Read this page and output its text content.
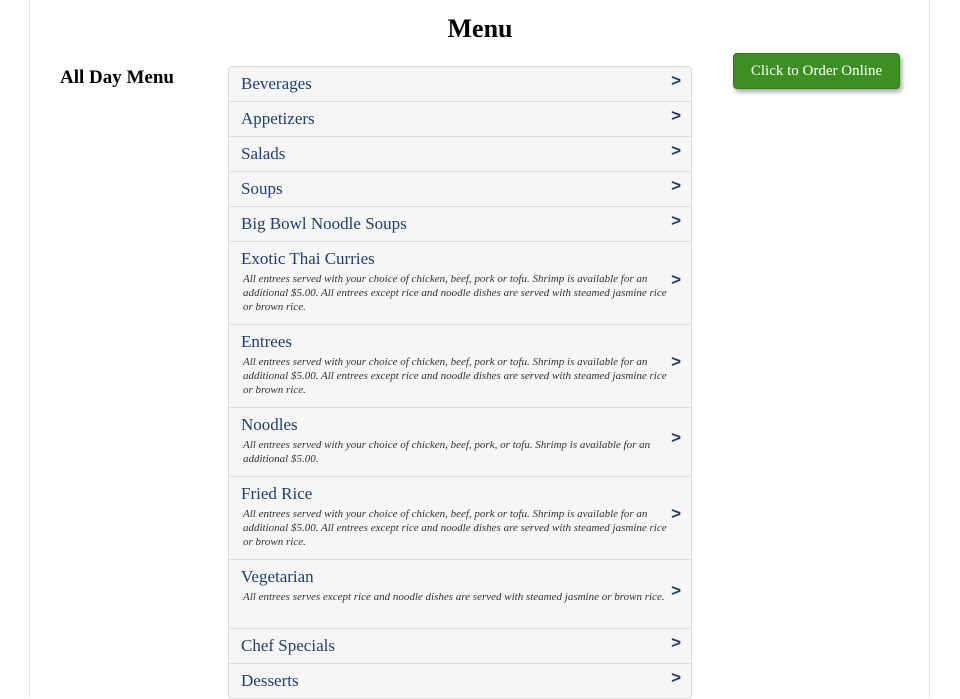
Menu
All Day Menu	Click to Order Online
Beverages	>
Appetizers	>
Salads	>
Soups	>
Big Bowl Noodle Soups	>
Exotic Thai Curries
All entrees served with your choice of chicken, beef, pork or tofu. Shrimp is available for an additional $5.00. All entrees except rice and noodle dishes are served with steamed jasmine rice or brown rice.
>
Entrees
All entrees served with your choice of chicken, beef, pork or tofu. Shrimp is available for an additional $5.00. All entrees except rice and noodle dishes are served with steamed jasmine rice or brown rice.
>
Noodles
All entrees served with your choice of chicken, beef, pork, or tofu. Shrimp is available for an additional $5.00.
>
Fried Rice
All entrees served with your choice of chicken, beef, pork or tofu. Shrimp is available for an additional $5.00. All entrees except rice and noodle dishes are served with steamed jasmine rice or brown rice.
>
Vegetarian
All entrees serves except rice and noodle dishes are served with steamed jasmine or brown rice. >
Chef Specials	>
Desserts	>
